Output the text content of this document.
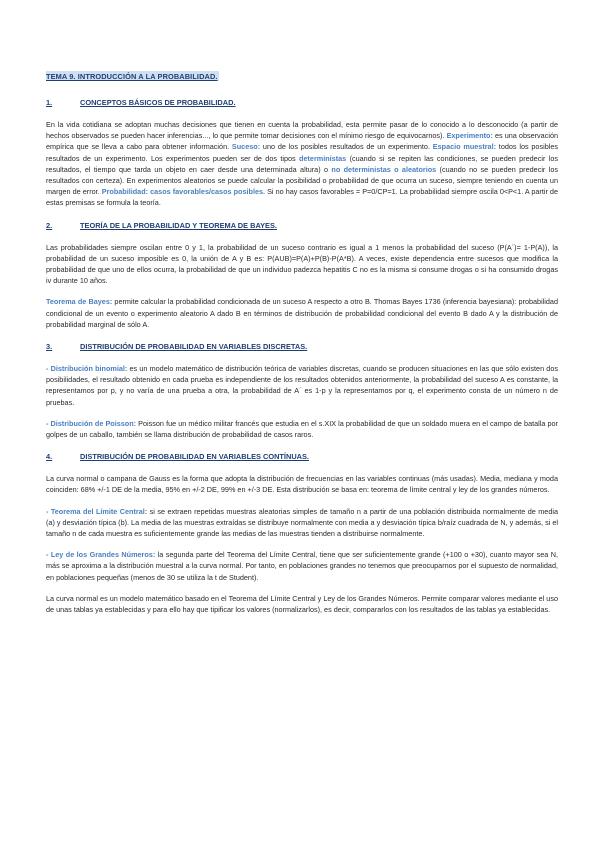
TEMA 9. INTRODUCCIÓN A LA PROBABILIDAD.
1.	CONCEPTOS BÁSICOS DE PROBABILIDAD.

En la vida cotidiana se adoptan muchas decisiones que tienen en cuenta la probabilidad, esta permite pasar de lo conocido a lo desconocido (a partir de hechos observados se pueden hacer inferencias..., lo que permite tomar decisiones con el mínimo riesgo de equivocarnos). Experimento: es una observación empírica que se lleva a cabo para obtener información. Suceso: uno de los posibles resultados de un experimento. Espacio muestral: todos los posibles resultados de un experimento. Los experimentos pueden ser de dos tipos deterministas (cuando si se repiten las condiciones, se pueden predecir los resultados, el tiempo que tarda un objeto en caer desde una determinada altura) o no deterministas o aleatorios (cuando no se pueden predecir los resultados con certeza). En experimentos aleatorios se puede calcular la posibilidad o probabilidad de que ocurra un suceso, siempre teniendo en cuenta un margen de error. Probabilidad: casos favorables/casos posibles. Si no hay casos favorables = P=0/CP=1. La probabilidad siempre oscila 0<P<1. A partir de estas premisas se formula la teoría.

2.	TEORÍA DE LA PROBABILIDAD Y TEOREMA DE BAYES.

Las probabilidades siempre oscilan entre 0 y 1, la probabilidad de un suceso contrario es igual a 1 menos la probabilidad del suceso (P(A´)= 1-P(A)), la probabilidad de un suceso imposible es 0, la unión de A y B es: P(AUB)=P(A)+P(B)-P(A*B). A veces, existe dependencia entre sucesos que modifica la probabilidad de que uno de ellos ocurra, la probabilidad de que un individuo padezca hepatitis C no es la misma si consume drogas o si ha consumido drogas iv durante 10 años.

Teorema de Bayes: permite calcular la probabilidad condicionada de un suceso A respecto a otro B. Thomas Bayes 1736 (inferencia bayesiana): probabilidad condicional de un evento o experimento aleatorio A dado B en términos de distribución de probabilidad condicional del evento B dado A y la distribución de probabilidad marginal de sólo A.

3.	DISTRIBUCIÓN DE PROBABILIDAD EN VARIABLES DISCRETAS.

- Distribución binomial: es un modelo matemático de distribución teórica de variables discretas, cuando se producen situaciones en las que sólo existen dos posibilidades, el resultado obtenido en cada prueba es independiente de los resultados obtenidos anteriormente, la probabilidad del suceso A es constante, la representamos por p, y no varía de una prueba a otra, la probabilidad de A´ es 1-p y la representamos por q, el experimento consta de un número n de pruebas.

- Distribución de Poisson: Poisson fue un médico militar francés que estudia en el s.XIX la probabilidad de que un soldado muera en el campo de batalla por golpes de un caballo, también se llama distribución de probabilidad de casos raros.

4.	DISTRIBUCIÓN DE PROBABILIDAD EN VARIABLES CONTÍNUAS.

La curva normal o campana de Gauss es la forma que adopta la distribución de frecuencias en las variables continuas (más usadas). Media, mediana y moda coinciden: 68% +/-1 DE de la media, 95% en +/-2 DE, 99% en +/-3 DE. Esta distribución se basa en: teorema de límite central y ley de los grandes números.

- Teorema del Límite Central: si se extraen repetidas muestras aleatorias simples de tamaño n a partir de una población distribuida normalmente de media (a) y desviación típica (b). La media de las muestras extraídas se distribuye normalmente con media a y desviación típica b/raíz cuadrada de N, y además, si el tamaño n de cada muestra es suficientemente grande las medias de las muestras tienden a distribuirse normalmente.

- Ley de los Grandes Números: la segunda parte del Teorema del Límite Central, tiene que ser suficientemente grande (+100 o +30), cuanto mayor sea N, más se aproxima a la distribución muestral a la curva normal. Por tanto, en poblaciones grandes no tenemos que preocuparnos por el supuesto de normalidad, en poblaciones pequeñas (menos de 30 se utiliza la t de Student).

La curva normal es un modelo matemático basado en el Teorema del Límite Central y Ley de los Grandes Números. Permite comparar valores mediante el uso de unas tablas ya establecidas y para ello hay que tipificar los valores (normalizarlos), es decir, compararlos con los resultados de las tablas ya establecidas.
